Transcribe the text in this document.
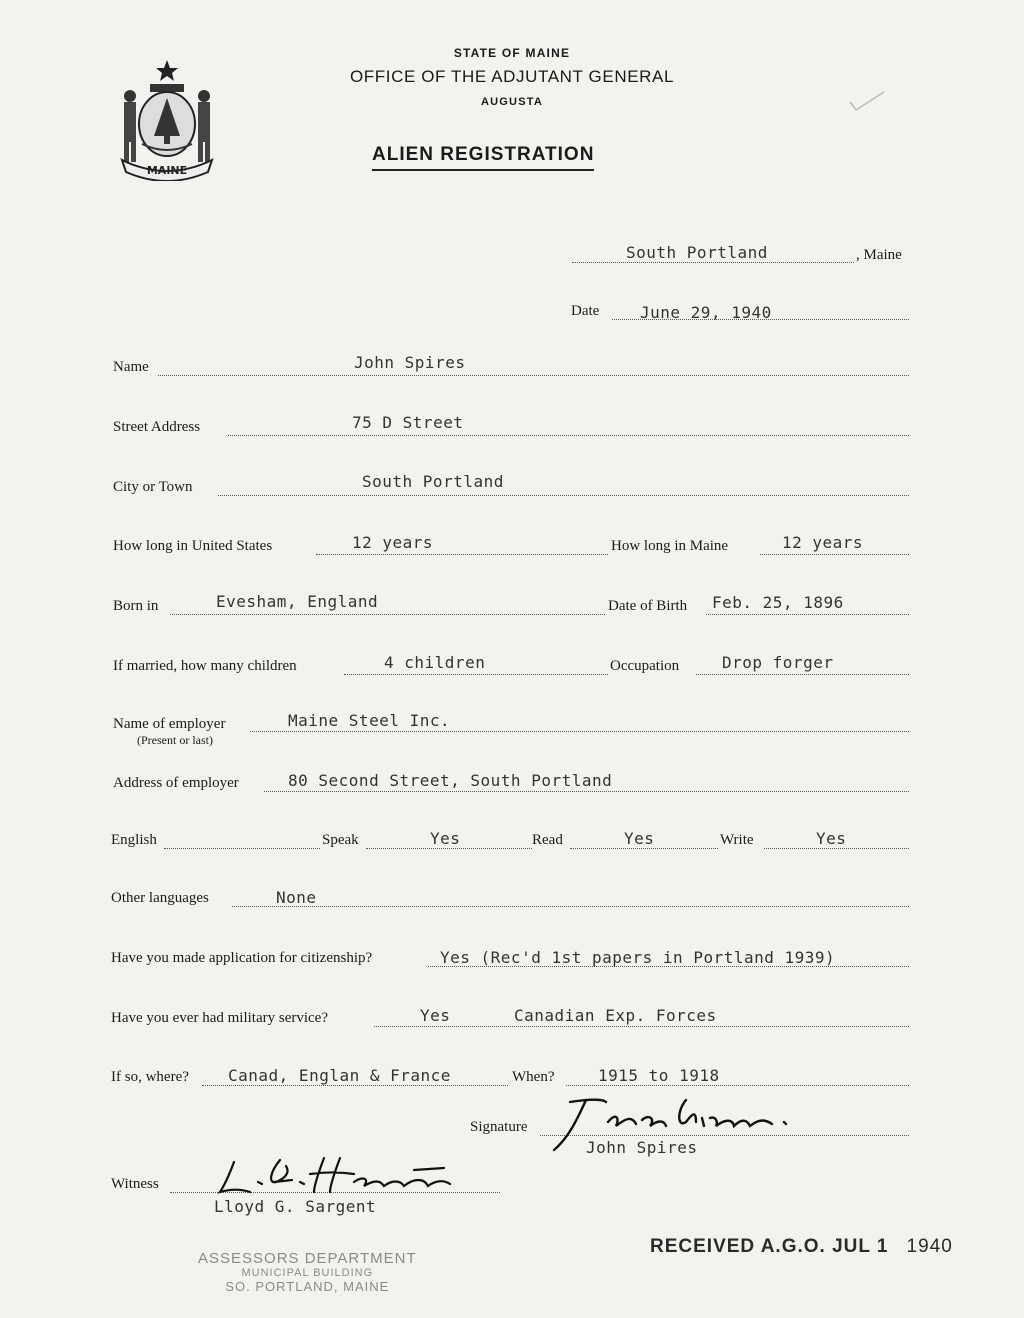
MAINE
STATE OF MAINE
OFFICE OF THE ADJUTANT GENERAL
AUGUSTA
ALIEN REGISTRATION
South Portland	, Maine
Date	June 29, 1940
Name	John Spires
Street Address	75 D Street
City or Town	South Portland
How long in United States	12 years	How long in Maine	12 years
Born in	Evesham, England	Date of Birth Feb. 25, 1896
If married, how many children	4 children	Occupation	Drop forger
Name of employer
(Present or last)
Maine Steel Inc.
Address of employer	80 Second Street, South Portland
English	Speak	Yes	Read	Yes	Write	Yes
Other languages	None
Have you made application for citizenship?	Yes (Rec'd 1st papers in Portland 1939)
Have you ever had military service?	Yes	Canadian Exp. Forces
If so, where? Canad, Englan & France	When?	1915 to 1918
Signature
John Spires
Witness
Lloyd G. Sargent
ASSESSORS DEPARTMENT
MUNICIPAL BUILDING
SO. PORTLAND, MAINE
RECEIVED A.G.O. JUL 1 1940
